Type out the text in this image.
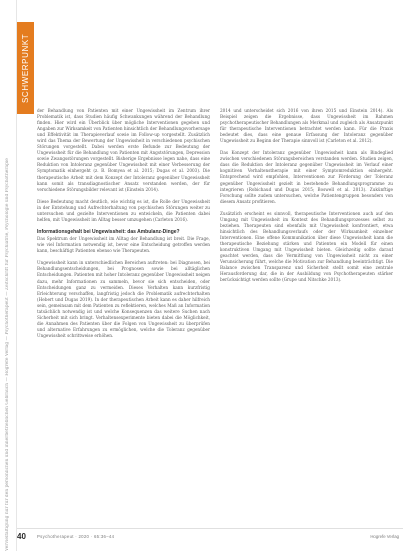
Vervielfältigung nur für den persönlichen und innerbetrieblichen Gebrauch — Hogrefe Verlag — Psychotherapeut — Zeitschrift für Psychiatrie, Psychologie und Psychotherapie
SCHWERPUNKT

der Behandlung von Patienten mit einer Ungewissheit im Zentrum ihrer Problematik ist, dass Studien häufig Schwankungen während der Behandlung finden. Hier wird ein Überblick über mögliche Interventionen gegeben und Angaben zur Wirksamkeit von Patienten hinsichtlich der Behandlungsvorhersage und Effektivität im Therapieverlauf sowie im Follow-up vorgestellt. Zusätzlich wird das Thema der Bewertung der Ungewissheit in verschiedenen psychischen Störungen vorgestellt. Dabei werden erste Befunde zur Bedeutung der Ungewissheit für die Behandlung von Patienten mit Angststörungen, Depression sowie Zwangsstörungen vorgestellt. Bisherige Ergebnisse legen nahe, dass eine Reduktion von Intoleranz gegenüber Ungewissheit mit einer Verbesserung der Symptomatik einhergeht (z. B. Bomyea et al. 2015; Dugas et al. 2003). Die therapeutische Arbeit mit dem Konzept der Intoleranz gegenüber Ungewissheit kann somit als transdiagnostischer Ansatz verstanden werden, der für verschiedene Störungsbilder relevant ist (Einstein 2014).

Diese Bedeutung macht deutlich, wie wichtig es ist, die Rolle der Ungewissheit in der Entstehung und Aufrechterhaltung von psychischen Störungen weiter zu untersuchen und gezielte Interventionen zu entwickeln, die Patienten dabei helfen, mit Ungewissheit im Alltag besser umzugehen (Carleton 2016).

Informationsgehalt bei Ungewissheit: das Ambulanz-Dinge?

Das Spektrum der Ungewissheit im Alltag der Behandlung ist breit. Die Frage, wie viel Information notwendig ist, bevor eine Entscheidung getroffen werden kann, beschäftigt Patienten ebenso wie Therapeuten.

Ungewissheit kann in unterschiedlichen Bereichen auftreten: bei Diagnosen, bei Behandlungsentscheidungen, bei Prognosen sowie bei alltäglichen Entscheidungen. Patienten mit hoher Intoleranz gegenüber Ungewissheit neigen dazu, mehr Informationen zu sammeln, bevor sie sich entscheiden, oder Entscheidungen ganz zu vermeiden. Dieses Verhalten kann kurzfristig Erleichterung verschaffen, langfristig jedoch die Problematik aufrechterhalten (Hebert und Dugas 2019). In der therapeutischen Arbeit kann es daher hilfreich sein, gemeinsam mit dem Patienten zu reflektieren, welches Maß an Information tatsächlich notwendig ist und welche Konsequenzen das weitere Suchen nach Sicherheit mit sich bringt. Verhaltensexperimente bieten dabei die Möglichkeit, die Annahmen des Patienten über die Folgen von Ungewissheit zu überprüfen und alternative Erfahrungen zu ermöglichen, welche die Toleranz gegenüber Ungewissheit schrittweise erhöhen.

2014 und unterscheidet sich 2016 von ihren 2015 und Einstein 2014). Als Beispiel zeigen die Ergebnisse, dass Ungewissheit im Rahmen psychotherapeutischer Behandlungen als Merkmal und zugleich als Ansatzpunkt für therapeutische Interventionen betrachtet werden kann. Für die Praxis bedeutet dies, dass eine genaue Erfassung der Intoleranz gegenüber Ungewissheit zu Beginn der Therapie sinnvoll ist (Carleton et al. 2012).

Das Konzept der Intoleranz gegenüber Ungewissheit kann als Bindeglied zwischen verschiedenen Störungsbereichen verstanden werden. Studien zeigen, dass die Reduktion der Intoleranz gegenüber Ungewissheit im Verlauf einer kognitiven Verhaltenstherapie mit einer Symptomreduktion einhergeht. Entsprechend wird empfohlen, Interventionen zur Förderung der Toleranz gegenüber Ungewissheit gezielt in bestehende Behandlungsprogramme zu integrieren (Robichaud und Dugas 2015; Boswell et al. 2013). Zukünftige Forschung sollte zudem untersuchen, welche Patientengruppen besonders von diesem Ansatz profitieren.

Zusätzlich erscheint es sinnvoll, therapeutische Interventionen auch auf den Umgang mit Ungewissheit im Kontext des Behandlungsprozesses selbst zu beziehen. Therapeuten sind ebenfalls mit Ungewissheit konfrontiert, etwa hinsichtlich des Behandlungsverlaufs oder der Wirksamkeit einzelner Interventionen. Eine offene Kommunikation über diese Ungewissheit kann die therapeutische Beziehung stärken und Patienten ein Modell für einen konstruktiven Umgang mit Ungewissheit bieten. Gleichzeitig sollte darauf geachtet werden, dass die Vermittlung von Ungewissheit nicht zu einer Verunsicherung führt, welche die Motivation zur Behandlung beeinträchtigt. Die Balance zwischen Transparenz und Sicherheit stellt somit eine zentrale Herausforderung dar, die in der Ausbildung von Psychotherapeuten stärker berücksichtigt werden sollte (Grupe und Nitschke 2013).

40	Psychotherapeut · 2020 · 65:36–44	Hogrefe Verlag
